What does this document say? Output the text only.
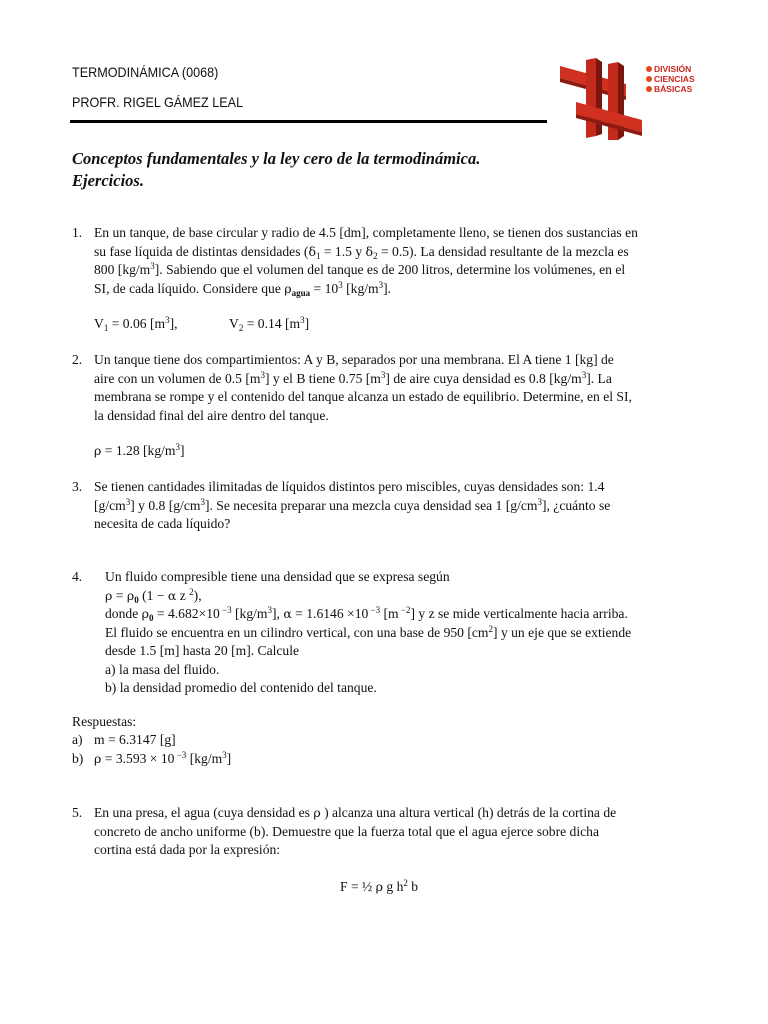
TERMODINÁMICA (0068)
PROFR. RIGEL GÁMEZ LEAL
DIVISIÓN
CIENCIAS
BÁSICAS
Conceptos fundamentales y la ley cero de la termodinámica.
Ejercicios.
1. En un tanque, de base circular y radio de 4.5 [dm], completamente lleno, se tienen dos sustancias en
su fase líquida de distintas densidades ($\delta_1 = 1.5$ y $\delta_2 = 0.5$). La densidad resultante de la mezcla es
800 $[kg/m^3]$. Sabiendo que el volumen del tanque es de 200 litros, determine los volúmenes, en el
SI, de cada líquido. Considere que $\rho_{agua} = 10^3$ $[kg/m^3]$.
$V_1 = 0.06$ $[m^3]$,	$V_2 = 0.14$ $[m^3]$
2. Un tanque tiene dos compartimientos: A y B, separados por una membrana. El A tiene 1 [kg] de
aire con un volumen de 0.5 $[m^3]$ y el B tiene 0.75 $[m^3]$ de aire cuya densidad es 0.8 $[kg/m^3]$. La
membrana se rompe y el contenido del tanque alcanza un estado de equilibrio. Determine, en el SI,
la densidad final del aire dentro del tanque.
ρ = 1.28 $[kg/m^3]$
3. Se tienen cantidades ilimitadas de líquidos distintos pero miscibles, cuyas densidades son: 1.4
$[g/cm^3]$ y 0.8 $[g/cm^3]$. Se necesita preparar una mezcla cuya densidad sea 1 $[g/cm^3]$, ¿cuánto se
necesita de cada líquido?
4. Un fluido compresible tiene una densidad que se expresa según
$\rho = \rho_0$ (1 − α z $^2$),
donde $\rho_0 = 4.682\times 10$ $^{-3}$ $[kg/m^3]$, α = 1.6146 ×10 $^{-3}$ [m $^{-2}$] y z se mide verticalmente hacia arriba.
El fluido se encuentra en un cilindro vertical, con una base de 950 $[cm^2]$ y un eje que se extiende
desde 1.5 [m] hasta 20 [m]. Calcule
a) la masa del fluido.
b) la densidad promedio del contenido del tanque.
Respuestas:
a) m = 6.3147 [g]
b) ρ = 3.593 × 10 $^{-3}$ $[kg/m^3]$
5. En una presa, el agua (cuya densidad es ρ ) alcanza una altura vertical (h) detrás de la cortina de
concreto de ancho uniforme (b). Demuestre que la fuerza total que el agua ejerce sobre dicha
cortina está dada por la expresión:
F = ½ ρ g $h^2$ b
